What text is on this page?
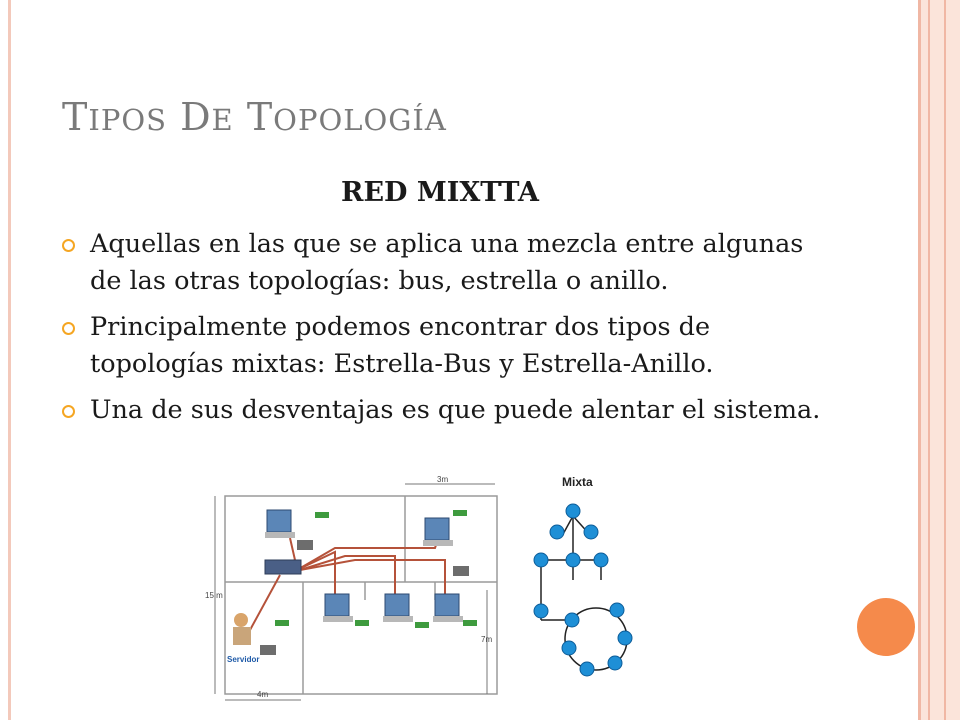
TIPOS DE TOPOLOGÍA

RED MIXTTA

Aquellas en las que se aplica una mezcla entre algunas de las otras topologías: bus, estrella o anillo.
Principalmente podemos encontrar dos tipos de topologías mixtas: Estrella-Bus y Estrella-Anillo.
Una de sus desventajas es que puede alentar el sistema.
3m
15 m
7m
4m
Servidor
Mixta
